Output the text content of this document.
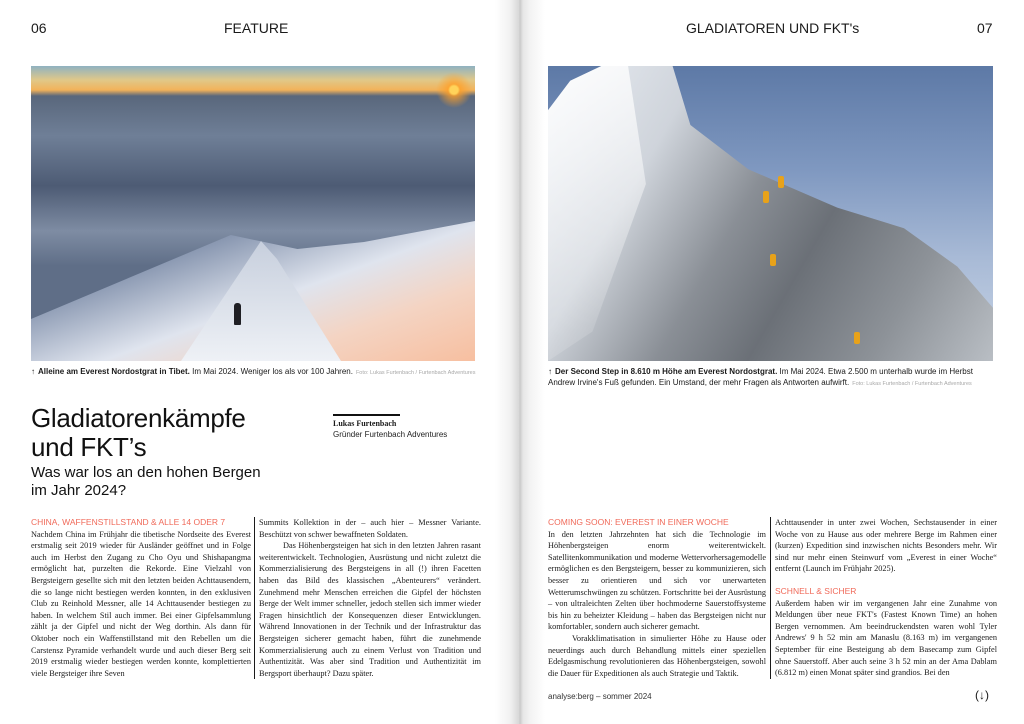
06	FEATURE
↑ Alleine am Everest Nordostgrat in Tibet. Im Mai 2024. Weniger los als vor 100 Jahren. Foto: Lukas Furtenbach / Furtenbach Adventures
Gladiatorenkämpfe und FKT’s
Was war los an den hohen Bergen im Jahr 2024?
Lukas Furtenbach
Gründer Furtenbach Adventures

CHINA, WAFFENSTILLSTAND & ALLE 14 ODER 7

Nachdem China im Frühjahr die tibetische Nordseite des Everest erstmalig seit 2019 wieder für Ausländer geöffnet und in Folge auch im Herbst den Zugang zu Cho Oyu und Shishapangma ermöglicht hat, purzelten die Rekorde. Eine Vielzahl von Bergsteigern gesellte sich mit den letzten beiden Achttausendern, die so lange nicht bestiegen werden konnten, in den exklusiven Club zu Reinhold Messner, alle 14 Achttausender bestiegen zu haben. In welchem Stil auch immer. Bei einer Gipfelsammlung zählt ja der Gipfel und nicht der Weg dorthin. Als dann für Oktober noch ein Waffenstillstand mit den Rebellen um die Carstensz Pyramide verhandelt wurde und auch dieser Berg seit 2019 erstmalig wieder bestiegen werden konnte, komplettierten viele Bergsteiger ihre Seven

Summits Kollektion in der – auch hier – Messner Variante. Beschützt von schwer bewaffneten Soldaten.

Das Höhenbergsteigen hat sich in den letzten Jahren rasant weiterentwickelt. Technologien, Ausrüstung und nicht zuletzt die Kommerzialisierung des Bergsteigens in all (!) ihren Facetten haben das Bild des klassischen „Abenteurers“ verändert. Zunehmend mehr Menschen erreichen die Gipfel der höchsten Berge der Welt immer schneller, jedoch stellen sich immer wieder Fragen hinsichtlich der Konsequenzen dieser Entwicklungen. Während Innovationen in der Technik und der Infrastruktur das Bergsteigen sicherer gemacht haben, führt die zunehmende Kommerzialisierung auch zu einem Verlust von Tradition und Authentizität. Was aber sind Tradition und Authentizität im Bergsport überhaupt? Dazu später.

GLADIATOREN UND FKT's	07
↑ Der Second Step in 8.610 m Höhe am Everest Nordostgrat. Im Mai 2024. Etwa 2.500 m unterhalb wurde im Herbst Andrew Irvine's Fuß gefunden. Ein Umstand, der mehr Fragen als Antworten aufwirft. Foto: Lukas Furtenbach / Furtenbach Adventures

COMING SOON: EVEREST IN EINER WOCHE

In den letzten Jahrzehnten hat sich die Technologie im Höhenbergsteigen enorm weiterentwickelt. Satellitenkommunikation und moderne Wettervorhersagemodelle ermöglichen es den Bergsteigern, besser zu kommunizieren, sich besser zu orientieren und sich vor unerwarteten Wetterumschwüngen zu schützen. Fortschritte bei der Ausrüstung – von ultraleichten Zelten über hochmoderne Sauerstoffsysteme bis hin zu beheizter Kleidung – haben das Bergsteigen nicht nur komfortabler, sondern auch sicherer gemacht.

Vorakklimatisation in simulierter Höhe zu Hause oder neuerdings auch durch Behandlung mittels einer speziellen Edelgasmischung revolutionieren das Höhenbergsteigen, sowohl die Dauer für Expeditionen als auch Strategie und Taktik.

Achttausender in unter zwei Wochen, Sechstausender in einer Woche von zu Hause aus oder mehrere Berge im Rahmen einer (kurzen) Expedition sind inzwischen nichts Besonders mehr. Wir sind nur mehr einen Steinwurf vom „Everest in einer Woche“ entfernt (Launch im Frühjahr 2025).

SCHNELL & SICHER

Außerdem haben wir im vergangenen Jahr eine Zunahme von Meldungen über neue FKT's (Fastest Known Time) an hohen Bergen vernommen. Am beeindruckendsten waren wohl Tyler Andrews' 9 h 52 min am Manaslu (8.163 m) im vergangenen September für eine Besteigung ab dem Basecamp zum Gipfel ohne Sauerstoff. Aber auch seine 3 h 52 min an der Ama Dablam (6.812 m) einen Monat später sind grandios. Bei den

analyse:berg – sommer 2024	(↓)
